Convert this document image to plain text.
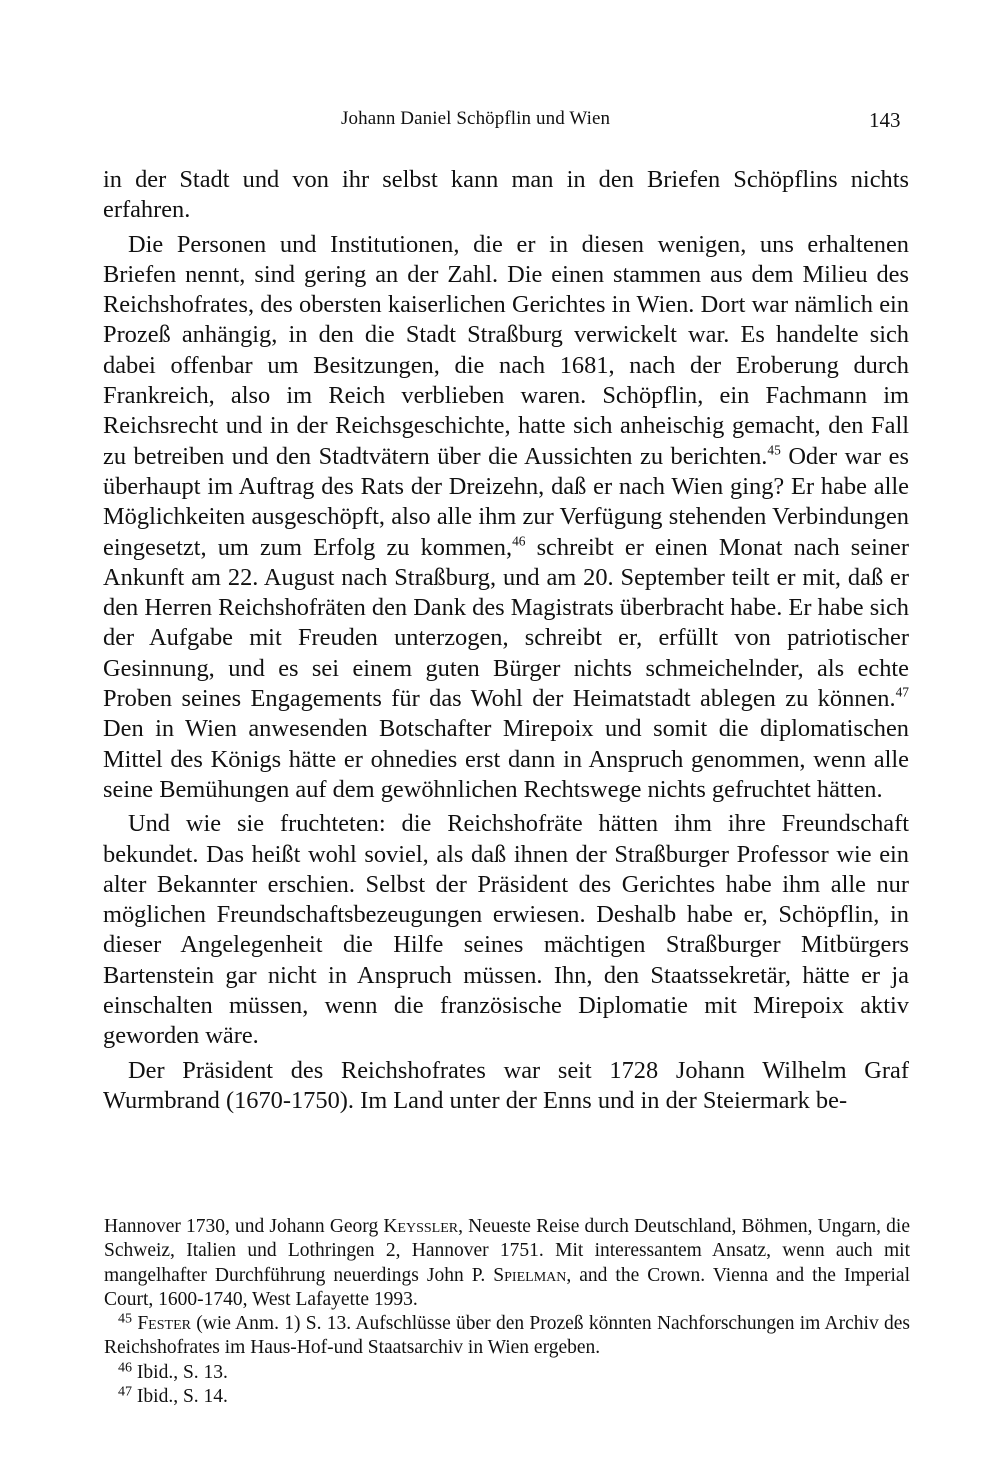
Johann Daniel Schöpflin und Wien	143

in der Stadt und von ihr selbst kann man in den Briefen Schöpflins nichts erfahren.

Die Personen und Institutionen, die er in diesen wenigen, uns erhaltenen Briefen nennt, sind gering an der Zahl. Die einen stammen aus dem Milieu des Reichshofrates, des obersten kaiserlichen Gerichtes in Wien. Dort war nämlich ein Prozeß anhängig, in den die Stadt Straßburg verwickelt war. Es handelte sich dabei offenbar um Besitzungen, die nach 1681, nach der Eroberung durch Frankreich, also im Reich verblieben waren. Schöpflin, ein Fachmann im Reichsrecht und in der Reichsgeschichte, hatte sich anheischig gemacht, den Fall zu betreiben und den Stadtvätern über die Aussichten zu berichten.$^{45}$ Oder war es überhaupt im Auftrag des Rats der Dreizehn, daß er nach Wien ging? Er habe alle Möglichkeiten ausgeschöpft, also alle ihm zur Verfügung stehenden Verbindungen eingesetzt, um zum Erfolg zu kommen,$^{46}$ schreibt er einen Monat nach seiner Ankunft am 22. August nach Straßburg, und am 20. September teilt er mit, daß er den Herren Reichshofräten den Dank des Magistrats überbracht habe. Er habe sich der Aufgabe mit Freuden unterzogen, schreibt er, erfüllt von patriotischer Gesinnung, und es sei einem guten Bürger nichts schmeichelnder, als echte Proben seines Engagements für das Wohl der Heimatstadt ablegen zu können.$^{47}$ Den in Wien anwesenden Botschafter Mirepoix und somit die diplomatischen Mittel des Königs hätte er ohnedies erst dann in Anspruch genommen, wenn alle seine Bemühungen auf dem gewöhnlichen Rechtswege nichts gefruchtet hätten.

Und wie sie fruchteten: die Reichshofräte hätten ihm ihre Freundschaft bekundet. Das heißt wohl soviel, als daß ihnen der Straßburger Professor wie ein alter Bekannter erschien. Selbst der Präsident des Gerichtes habe ihm alle nur möglichen Freundschaftsbezeugungen erwiesen. Deshalb habe er, Schöpflin, in dieser Angelegenheit die Hilfe seines mächtigen Straßburger Mitbürgers Bartenstein gar nicht in Anspruch müssen. Ihn, den Staatssekretär, hätte er ja einschalten müssen, wenn die französische Diplomatie mit Mirepoix aktiv geworden wäre.

Der Präsident des Reichshofrates war seit 1728 Johann Wilhelm Graf Wurmbrand (1670-1750). Im Land unter der Enns und in der Steiermark be-

Hannover 1730, und Johann Georg Keyßler, Neueste Reise durch Deutschland, Böhmen, Ungarn, die Schweiz, Italien und Lothringen 2, Hannover 1751. Mit interessantem Ansatz, wenn auch mit mangelhafter Durchführung neuerdings John P. Spielman, and the Crown. Vienna and the Imperial Court, 1600-1740, West Lafayette 1993.

$^{45}$ Fester (wie Anm. 1) S. 13. Aufschlüsse über den Prozeß könnten Nachforschungen im Archiv des Reichshofrates im Haus-Hof-und Staatsarchiv in Wien ergeben.

$^{46}$ Ibid., S. 13.

$^{47}$ Ibid., S. 14.
